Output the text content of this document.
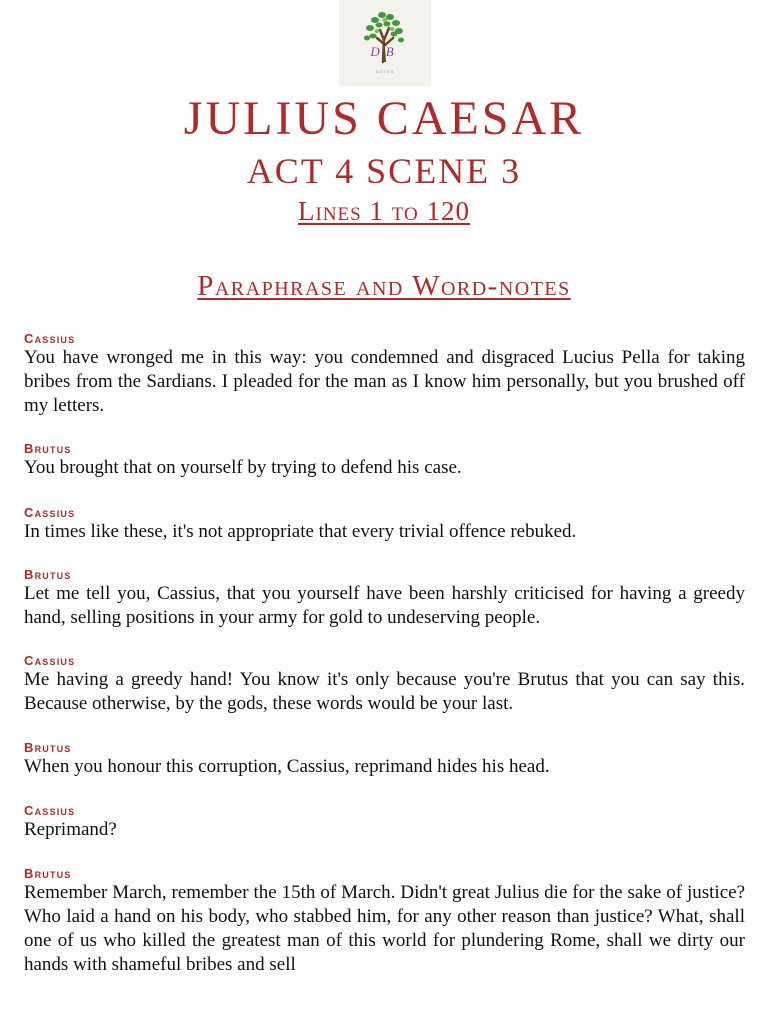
DB
NOTES
JULIUS CAESAR
ACT 4 SCENE 3
Lines 1 to 120
Paraphrase and Word-notes

Cassius

You have wronged me in this way: you condemned and disgraced Lucius Pella for taking bribes from the Sardians. I pleaded for the man as I know him personally, but you brushed off my letters.

Brutus

You brought that on yourself by trying to defend his case.

Cassius

In times like these, it's not appropriate that every trivial offence rebuked.

Brutus

Let me tell you, Cassius, that you yourself have been harshly criticised for having a greedy hand, selling positions in your army for gold to undeserving people.

Cassius

Me having a greedy hand! You know it's only because you're Brutus that you can say this. Because otherwise, by the gods, these words would be your last.

Brutus

When you honour this corruption, Cassius, reprimand hides his head.

Cassius

Reprimand?

Brutus

Remember March, remember the 15th of March. Didn't great Julius die for the sake of justice? Who laid a hand on his body, who stabbed him, for any other reason than justice? What, shall one of us who killed the greatest man of this world for plundering Rome, shall we dirty our hands with shameful bribes and sell
